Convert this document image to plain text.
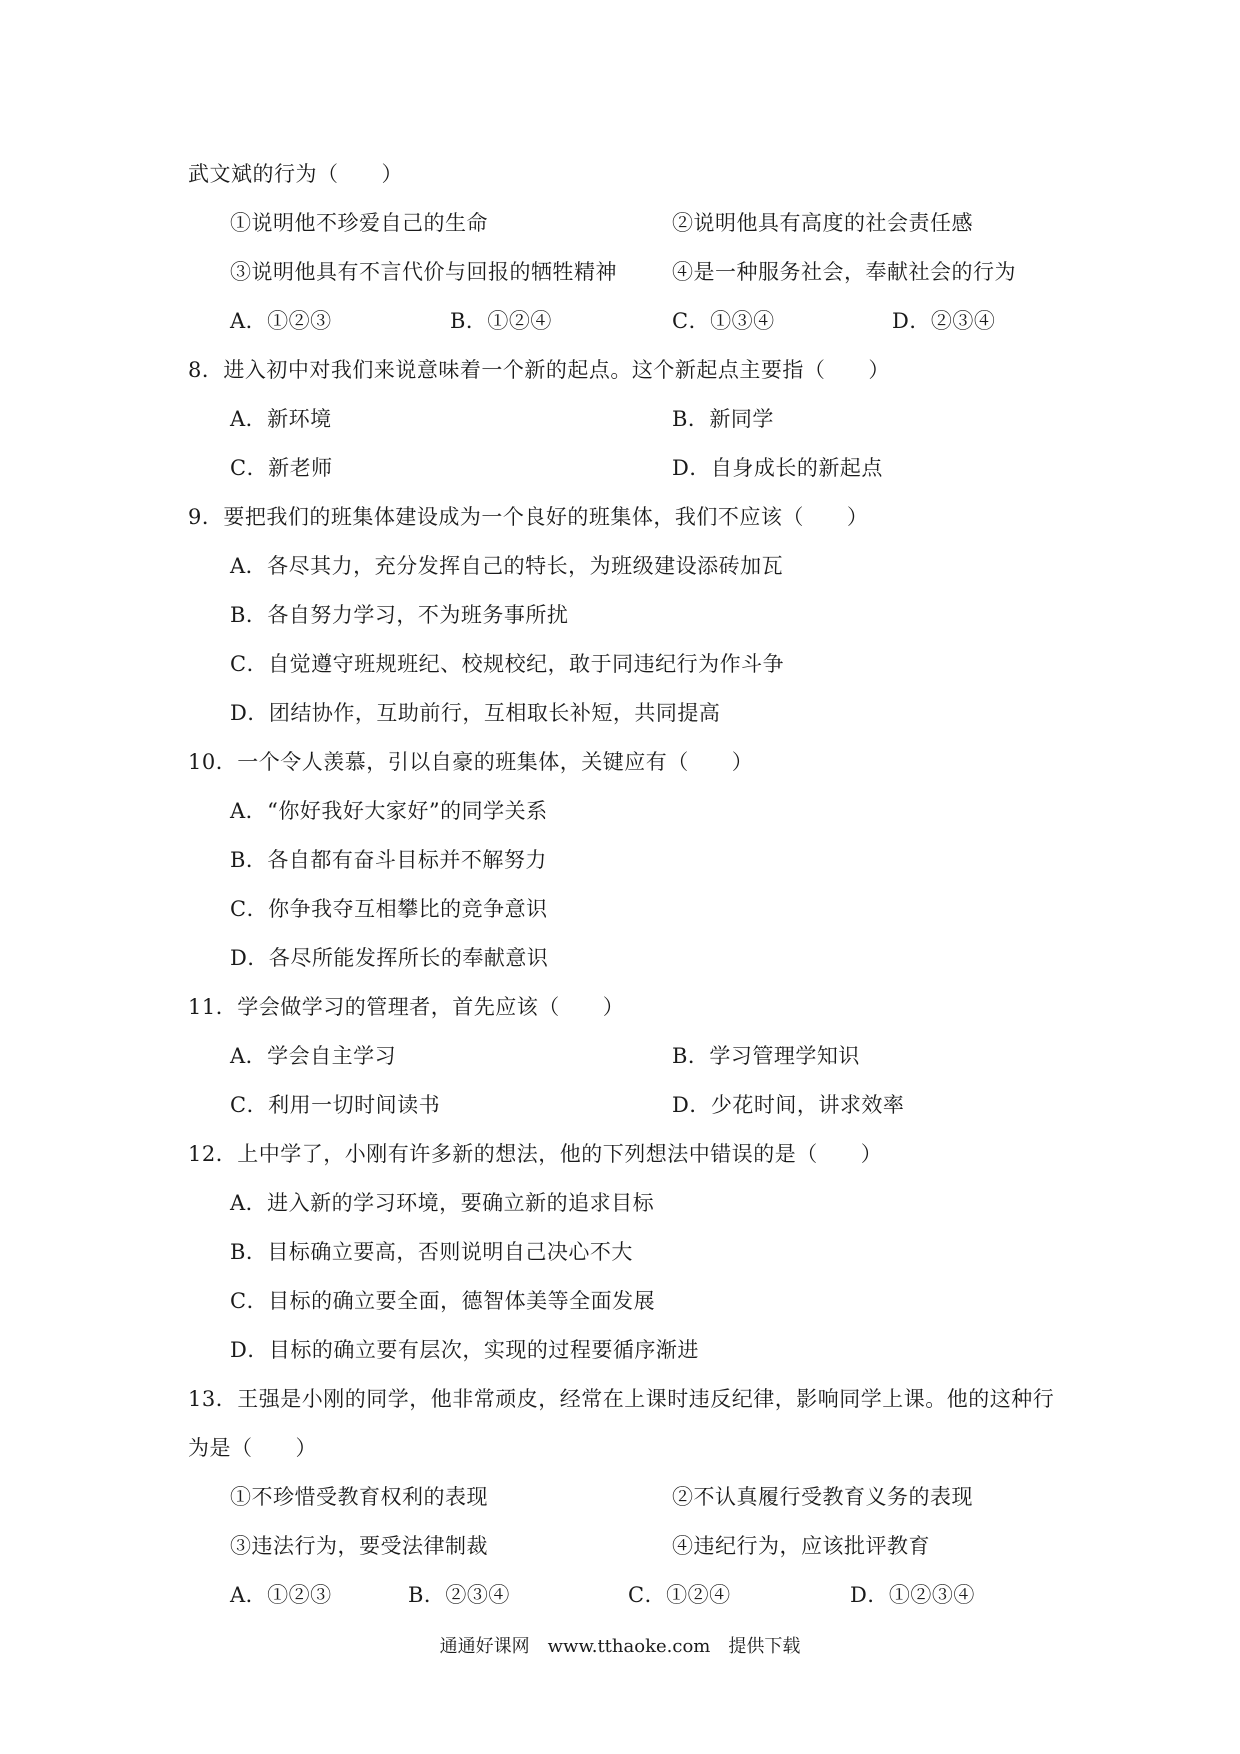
武文斌的行为（　　）
①说明他不珍爱自己的生命	②说明他具有高度的社会责任感
③说明他具有不言代价与回报的牺牲精神	④是一种服务社会，奉献社会的行为
A．①②③	B．①②④	C．①③④	D．②③④
8．进入初中对我们来说意味着一个新的起点。这个新起点主要指（　　）
A．新环境	B．新同学
C．新老师	D．自身成长的新起点
9．要把我们的班集体建设成为一个良好的班集体，我们不应该（　　）
A．各尽其力，充分发挥自己的特长，为班级建设添砖加瓦
B．各自努力学习，不为班务事所扰
C．自觉遵守班规班纪、校规校纪，敢于同违纪行为作斗争
D．团结协作，互助前行，互相取长补短，共同提高
10．一个令人羡慕，引以自豪的班集体，关键应有（　　）
A．“你好我好大家好”的同学关系
B．各自都有奋斗目标并不解努力
C．你争我夺互相攀比的竞争意识
D．各尽所能发挥所长的奉献意识
11．学会做学习的管理者，首先应该（　　）
A．学会自主学习	B．学习管理学知识
C．利用一切时间读书	D．少花时间，讲求效率
12．上中学了，小刚有许多新的想法，他的下列想法中错误的是（　　）
A．进入新的学习环境，要确立新的追求目标
B．目标确立要高，否则说明自己决心不大
C．目标的确立要全面，德智体美等全面发展
D．目标的确立要有层次，实现的过程要循序渐进
13．王强是小刚的同学，他非常顽皮，经常在上课时违反纪律，影响同学上课。他的这种行
为是（　　）
①不珍惜受教育权利的表现	②不认真履行受教育义务的表现
③违法行为，要受法律制裁	④违纪行为，应该批评教育
A．①②③	B．②③④	C．①②④	D．①②③④
通通好课网　www.tthaoke.com　提供下载
